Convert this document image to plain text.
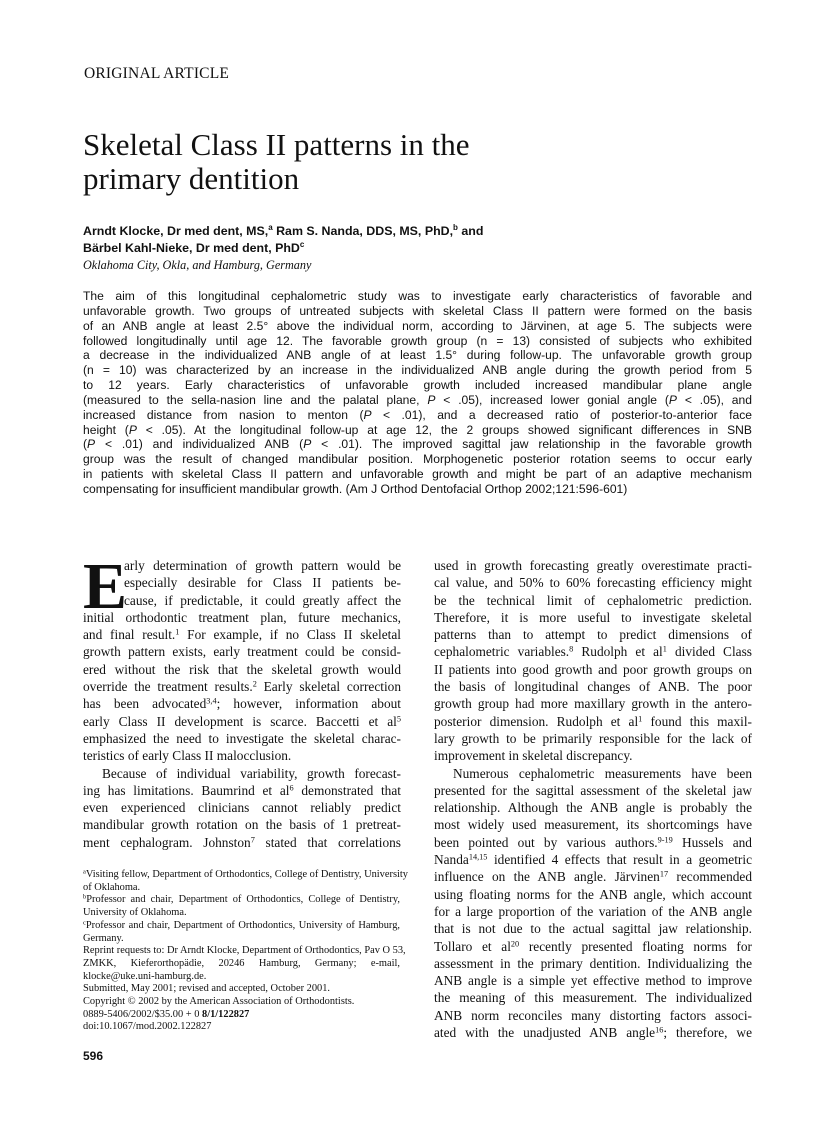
ORIGINAL ARTICLE
Skeletal Class II patterns in the
primary dentition
Arndt Klocke, Dr med dent, MS,$^a$ Ram S. Nanda, DDS, MS, PhD,$^b$ and
Bärbel Kahl-Nieke, Dr med dent, PhD$^c$
Oklahoma City, Okla, and Hamburg, Germany
The aim of this longitudinal cephalometric study was to investigate early characteristics of favorable and
unfavorable growth. Two groups of untreated subjects with skeletal Class II pattern were formed on the basis
of an ANB angle at least 2.5° above the individual norm, according to Järvinen, at age 5. The subjects were
followed longitudinally until age 12. The favorable growth group (n = 13) consisted of subjects who exhibited
a decrease in the individualized ANB angle of at least 1.5° during follow-up. The unfavorable growth group
(n = 10) was characterized by an increase in the individualized ANB angle during the growth period from 5
to 12 years. Early characteristics of unfavorable growth included increased mandibular plane angle
(measured to the sella-nasion line and the palatal plane, P < .05), increased lower gonial angle (P < .05), and
increased distance from nasion to menton (P < .01), and a decreased ratio of posterior-to-anterior face
height (P < .05). At the longitudinal follow-up at age 12, the 2 groups showed significant differences in SNB
(P < .01) and individualized ANB (P < .01). The improved sagittal jaw relationship in the favorable growth
group was the result of changed mandibular position. Morphogenetic posterior rotation seems to occur early
in patients with skeletal Class II pattern and unfavorable growth and might be part of an adaptive mechanism
compensating for insufficient mandibular growth. (Am J Orthod Dentofacial Orthop 2002;121:596-601)
E
arly determination of growth pattern would be
especially desirable for Class II patients be-
cause, if predictable, it could greatly affect the
initial orthodontic treatment plan, future mechanics,
and final result.$^1$ For example, if no Class II skeletal
growth pattern exists, early treatment could be consid-
ered without the risk that the skeletal growth would
override the treatment results.$^2$ Early skeletal correction
has been advocated$^{3,4}$; however, information about
early Class II development is scarce. Baccetti et $al^5$
emphasized the need to investigate the skeletal charac-
teristics of early Class II malocclusion.
Because of individual variability, growth forecast-
ing has limitations. Baumrind et $al^6$ demonstrated that
even experienced clinicians cannot reliably predict
mandibular growth rotation on the basis of 1 pretreat-
ment cephalogram. Johnston$^7$ stated that correlations
used in growth forecasting greatly overestimate practi-
cal value, and 50% to 60% forecasting efficiency might
be the technical limit of cephalometric prediction.
Therefore, it is more useful to investigate skeletal
patterns than to attempt to predict dimensions of
cephalometric variables.$^8$ Rudolph et $al^1$ divided Class
II patients into good growth and poor growth groups on
the basis of longitudinal changes of ANB. The poor
growth group had more maxillary growth in the antero-
posterior dimension. Rudolph et $al^1$ found this maxil-
lary growth to be primarily responsible for the lack of
improvement in skeletal discrepancy.
Numerous cephalometric measurements have been
presented for the sagittal assessment of the skeletal jaw
relationship. Although the ANB angle is probably the
most widely used measurement, its shortcomings have
been pointed out by various authors.$^{9-19}$ Hussels and
Nanda$^{14,15}$ identified 4 effects that result in a geometric
influence on the ANB angle. Järvinen$^{17}$ recommended
using floating norms for the ANB angle, which account
for a large proportion of the variation of the ANB angle
that is not due to the actual sagittal jaw relationship.
Tollaro et $al^{20}$ recently presented floating norms for
assessment in the primary dentition. Individualizing the
ANB angle is a simple yet effective method to improve
the meaning of this measurement. The individualized
ANB norm reconciles many distorting factors associ-
ated with the unadjusted ANB angle$^{16}$; therefore, we
$^a$Visiting fellow, Department of Orthodontics, College of Dentistry, University
of Oklahoma.
$^b$Professor and chair, Department of Orthodontics, College of Dentistry,
University of Oklahoma.
$^c$Professor and chair, Department of Orthodontics, University of Hamburg,
Germany.
Reprint requests to: Dr Arndt Klocke, Department of Orthodontics, Pav O 53,
ZMKK, Kieferorthopädie, 20246 Hamburg, Germany; e-mail,
klocke@uke.uni-hamburg.de.
Submitted, May 2001; revised and accepted, October 2001.
Copyright © 2002 by the American Association of Orthodontists.
0889-5406/2002/$35.00 + 0 8/1/122827
doi:10.1067/mod.2002.122827
596
